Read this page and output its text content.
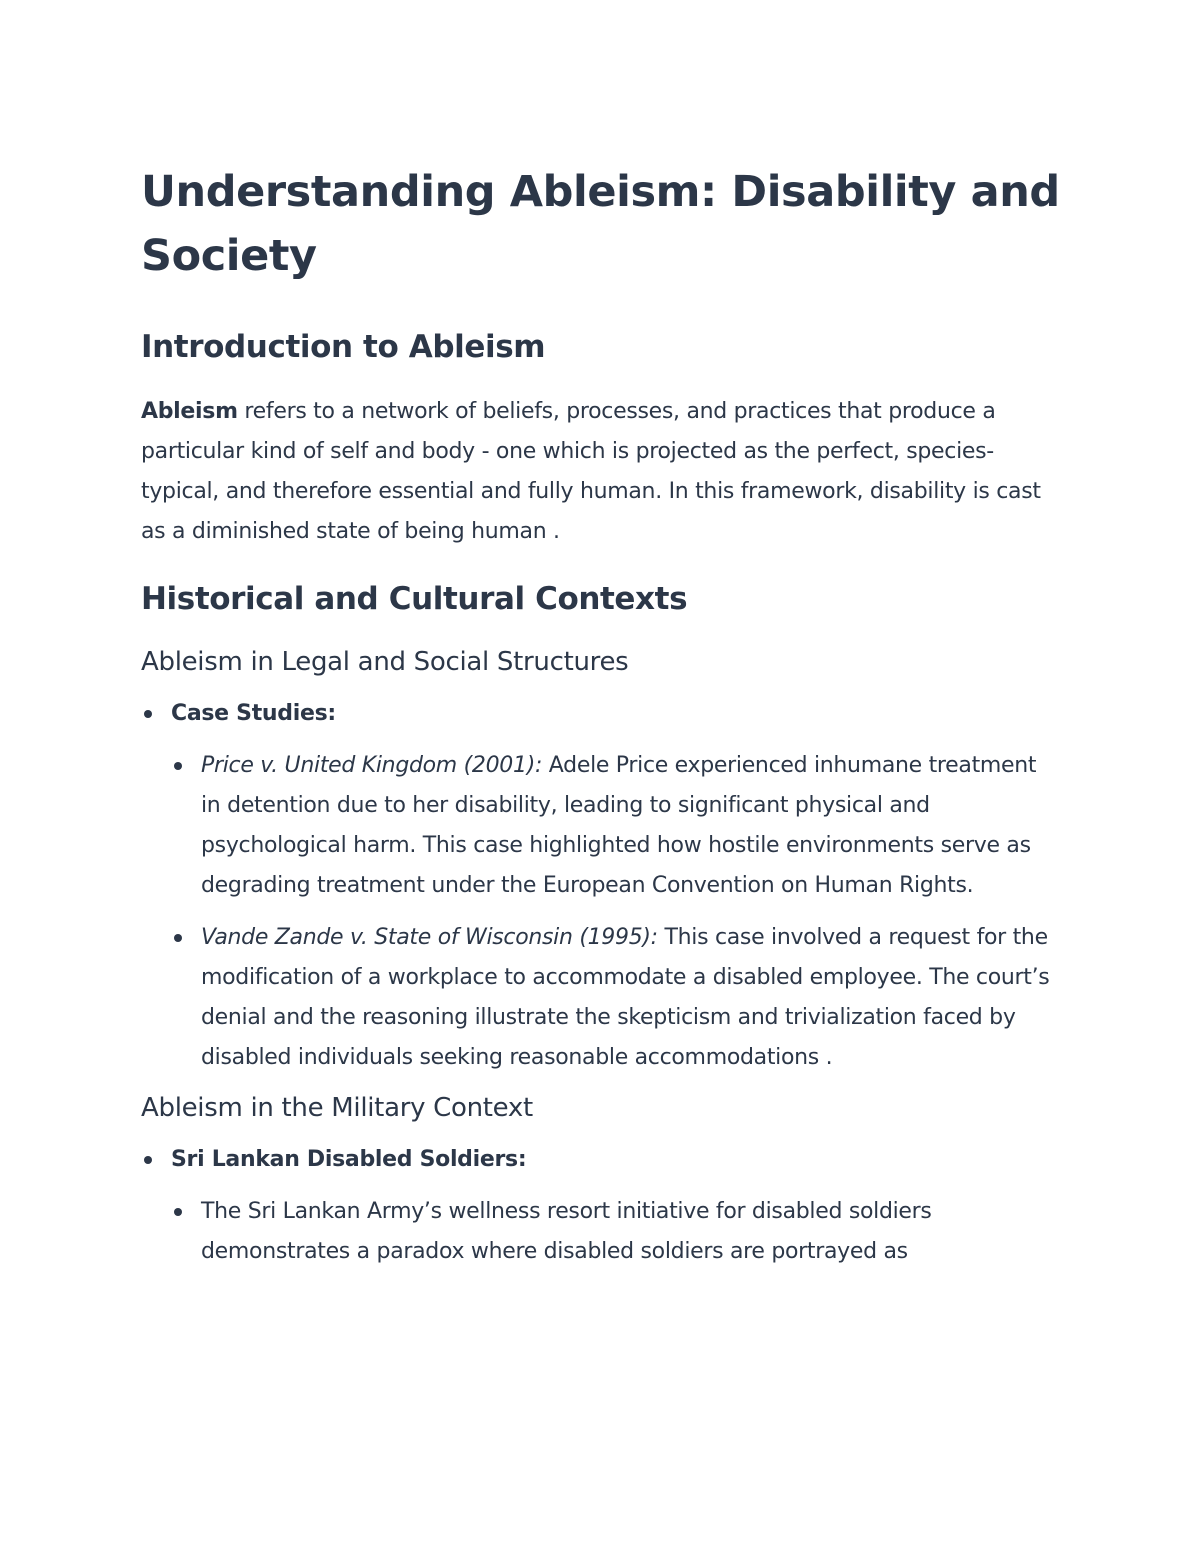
Understanding Ableism: Disability and Society
Introduction to Ableism

Ableism refers to a network of beliefs, processes, and practices that produce a particular kind of self and body - one which is projected as the perfect, species-typical, and therefore essential and fully human. In this framework, disability is cast as a diminished state of being human .

Historical and Cultural Contexts
Ableism in Legal and Social Structures
Case Studies:
Price v. United Kingdom (2001): Adele Price experienced inhumane treatment in detention due to her disability, leading to significant physical and psychological harm. This case highlighted how hostile environments serve as degrading treatment under the European Convention on Human Rights.
Vande Zande v. State of Wisconsin (1995): This case involved a request for the modification of a workplace to accommodate a disabled employee. The court’s denial and the reasoning illustrate the skepticism and trivialization faced by disabled individuals seeking reasonable accommodations .
Ableism in the Military Context
Sri Lankan Disabled Soldiers:
The Sri Lankan Army’s wellness resort initiative for disabled soldiers demonstrates a paradox where disabled soldiers are portrayed as
